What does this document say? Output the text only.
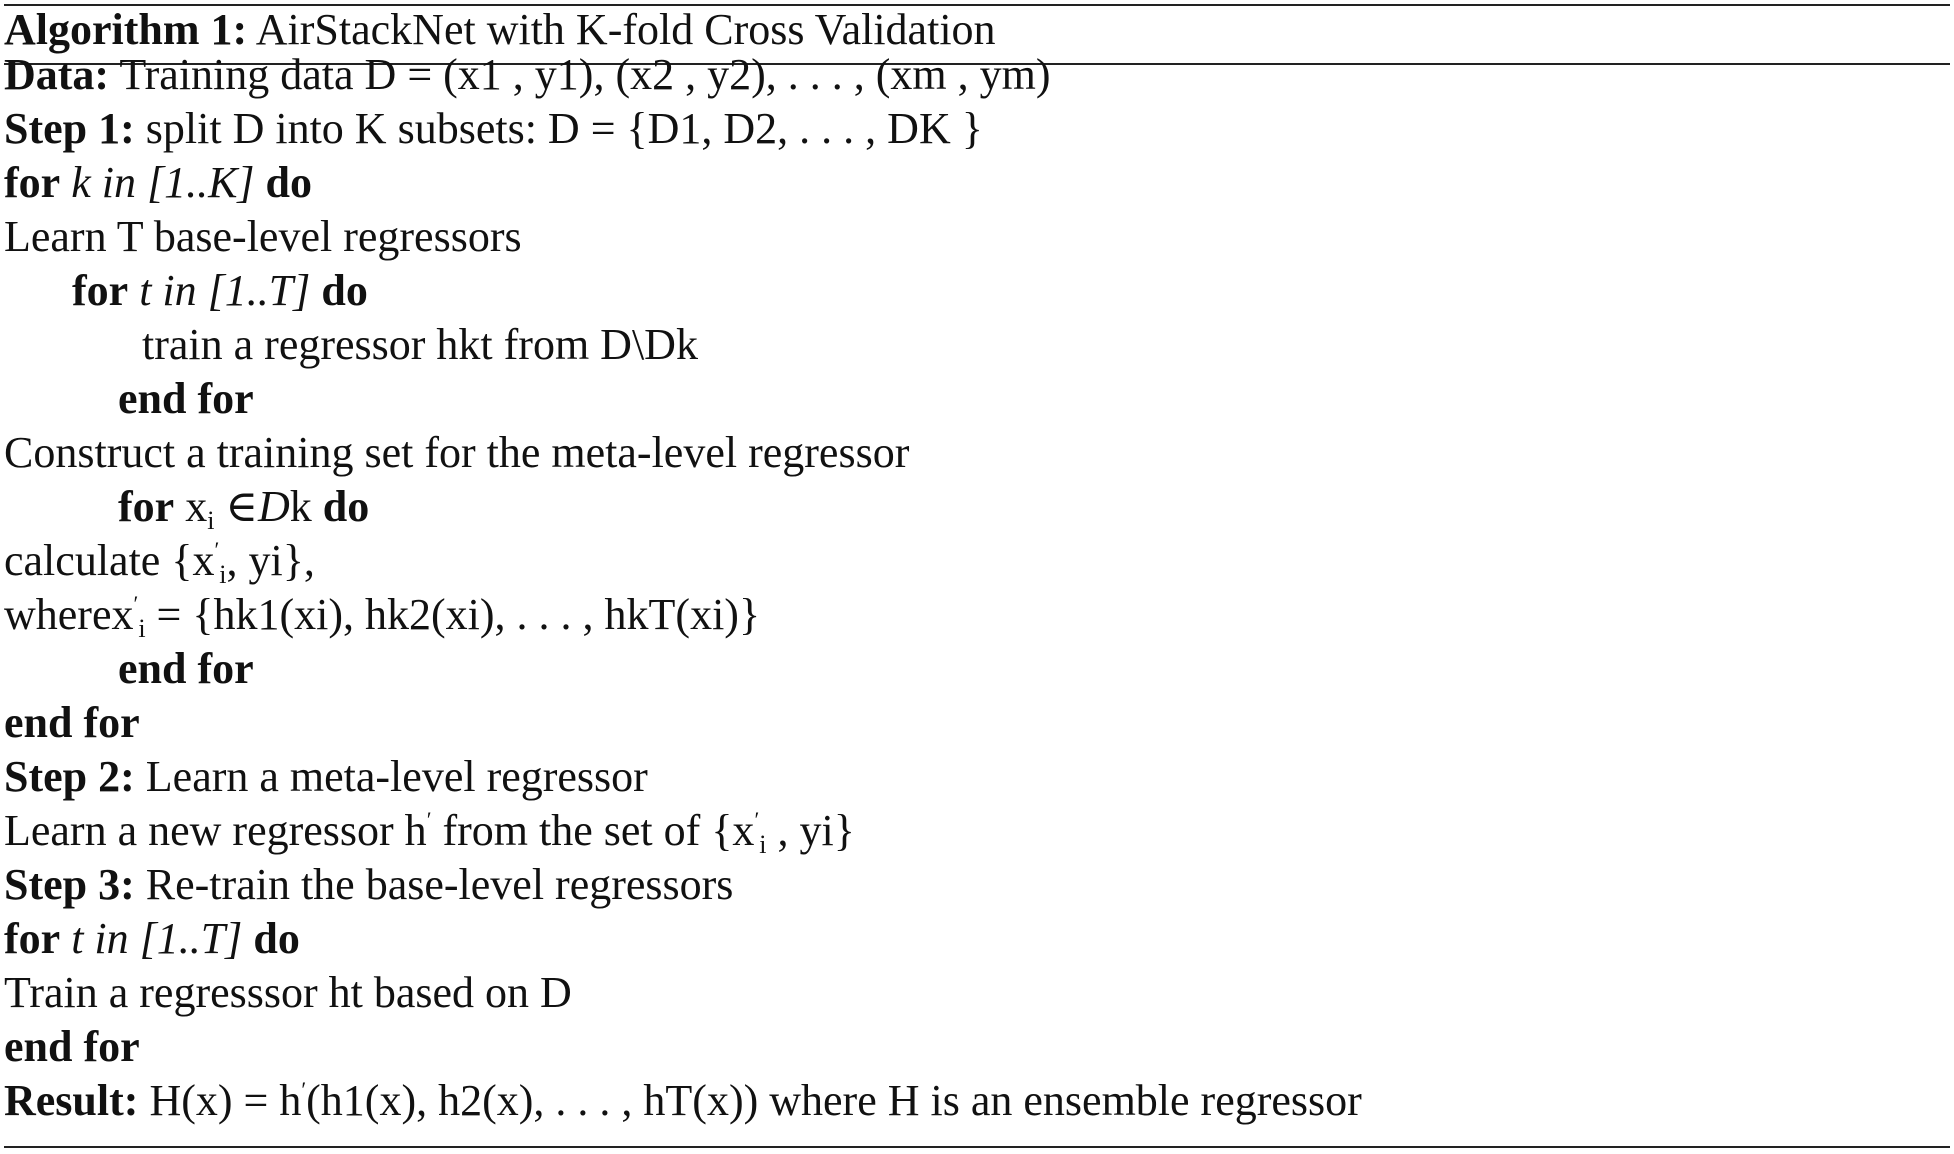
Algorithm 1: AirStackNet with K-fold Cross Validation
Data: Training data D = (x1 , y1), (x2 , y2), . . . , (xm , ym)
Step 1: split D into K subsets: D = {D1, D2, . . . , DK }
for k in [1..K] do
Learn T base-level regressors
for t in [1..T] do
train a regressor hkt from D\Dk
end for
Construct a training set for the meta-level regressor
for $x_i$ ∈Dk do
calculate {$x'_i$, yi},
wherex′$_i$ = {hk1(xi), hk2(xi), . . . , hkT(xi)}
end for
end for
Step 2: Learn a meta-level regressor
Learn a new regressor h′ from the set of {$x'_i$ , yi}
Step 3: Re-train the base-level regressors
for t in [1..T] do
Train a regresssor ht based on D
end for
Result: H(x) = h′(h1(x), h2(x), . . . , hT(x)) where H is an ensemble regressor
